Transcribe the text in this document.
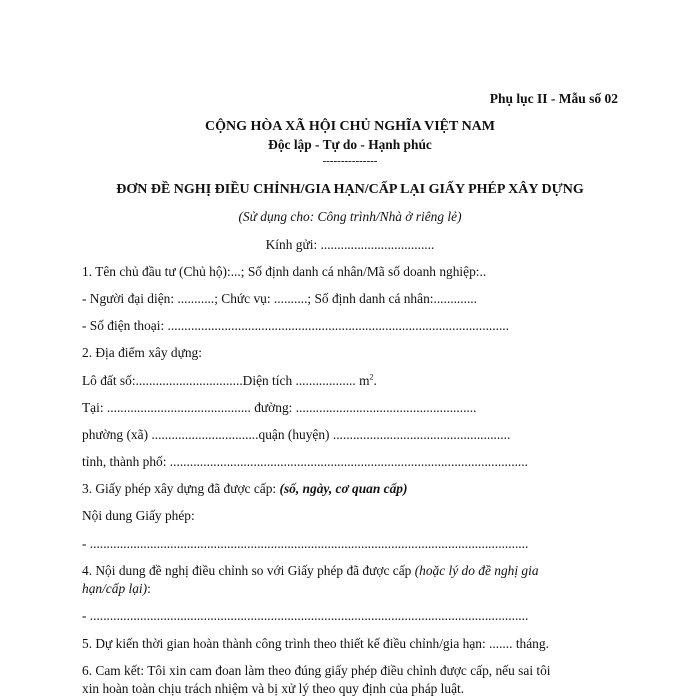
Phụ lục II - Mẫu số 02
CỘNG HÒA XÃ HỘI CHỦ NGHĨA VIỆT NAM
Độc lập - Tự do - Hạnh phúc
---------------
ĐƠN ĐỀ NGHỊ ĐIỀU CHỈNH/GIA HẠN/CẤP LẠI GIẤY PHÉP XÂY DỰNG
(Sử dụng cho: Công trình/Nhà ở riêng lẻ)
Kính gửi: ..................................
1. Tên chủ đầu tư (Chủ hộ):...; Số định danh cá nhân/Mã số doanh nghiệp:..
- Người đại diện: ...........; Chức vụ: ..........; Số định danh cá nhân:.............
- Số điện thoại: ......................................................................................................
2. Địa điểm xây dựng:
Lô đất số:................................Diện tích .................. $m^2$.
Tại: ........................................... đường: ......................................................
phường (xã) ................................quận (huyện) .....................................................
tỉnh, thành phố: ...........................................................................................................
3. Giấy phép xây dựng đã được cấp: (số, ngày, cơ quan cấp)
Nội dung Giấy phép:
- ...................................................................................................................................
4. Nội dung đề nghị điều chỉnh so với Giấy phép đã được cấp (hoặc lý do đề nghị gia
hạn/cấp lại):
- ...................................................................................................................................
5. Dự kiến thời gian hoàn thành công trình theo thiết kế điều chỉnh/gia hạn: ....... tháng.
6. Cam kết: Tôi xin cam đoan làm theo đúng giấy phép điều chỉnh được cấp, nếu sai tôi
xin hoàn toàn chịu trách nhiệm và bị xử lý theo quy định của pháp luật.
